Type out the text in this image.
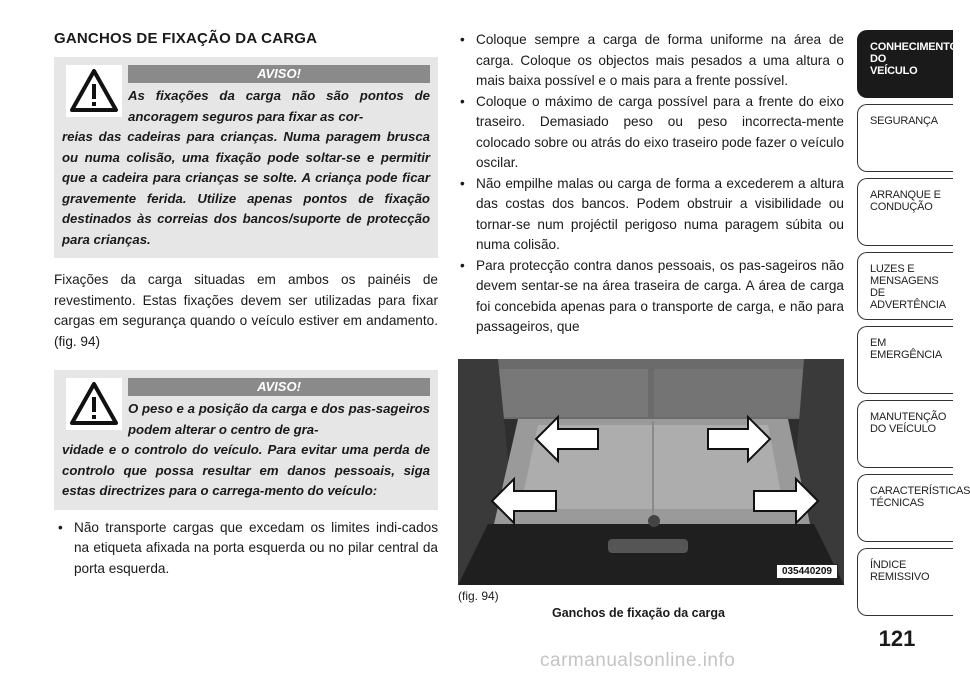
GANCHOS DE FIXAÇÃO DA CARGA
AVISO!
As fixações da carga não são pontos de ancoragem seguros para fixar as cor-
reias das cadeiras para crianças. Numa paragem brusca ou numa colisão, uma fixação pode soltar-se e permitir que a cadeira para crianças se solte. A criança pode ficar gravemente ferida. Utilize apenas pontos de fixação destinados às correias dos bancos/suporte de protecção para crianças.
Fixações da carga situadas em ambos os painéis de revestimento. Estas fixações devem ser utilizadas para fixar cargas em segurança quando o veículo estiver em andamento. (fig. 94)
AVISO!
O peso e a posição da carga e dos pas-sageiros podem alterar o centro de gra-
vidade e o controlo do veículo. Para evitar uma perda de controlo que possa resultar em danos pessoais, siga estas directrizes para o carrega-mento do veículo:
• Não transporte cargas que excedam os limites indi-cados na etiqueta afixada na porta esquerda ou no pilar central da porta esquerda.
• Coloque sempre a carga de forma uniforme na área de carga. Coloque os objectos mais pesados a uma altura o mais baixa possível e o mais para a frente possível.
• Coloque o máximo de carga possível para a frente do eixo traseiro. Demasiado peso ou peso incorrecta-mente colocado sobre ou atrás do eixo traseiro pode fazer o veículo oscilar.
• Não empilhe malas ou carga de forma a excederem a altura das costas dos bancos. Podem obstruir a visibilidade ou tornar-se num projéctil perigoso numa paragem súbita ou numa colisão.
• Para protecção contra danos pessoais, os pas-sageiros não devem sentar-se na área traseira de carga. A área de carga foi concebida apenas para o transporte de carga, e não para passageiros, que
035440209
(fig. 94)
Ganchos de fixação da carga
CONHECIMENTO
DO
VEÍCULO
SEGURANÇA
ARRANQUE E
CONDUÇÃO
LUZES E
MENSAGENS
DE
ADVERTÊNCIA
EM
EMERGÊNCIA
MANUTENÇÃO
DO VEÍCULO
CARACTERÍSTICAS
TÉCNICAS
ÍNDICE
REMISSIVO
121
carmanualsonline.info
